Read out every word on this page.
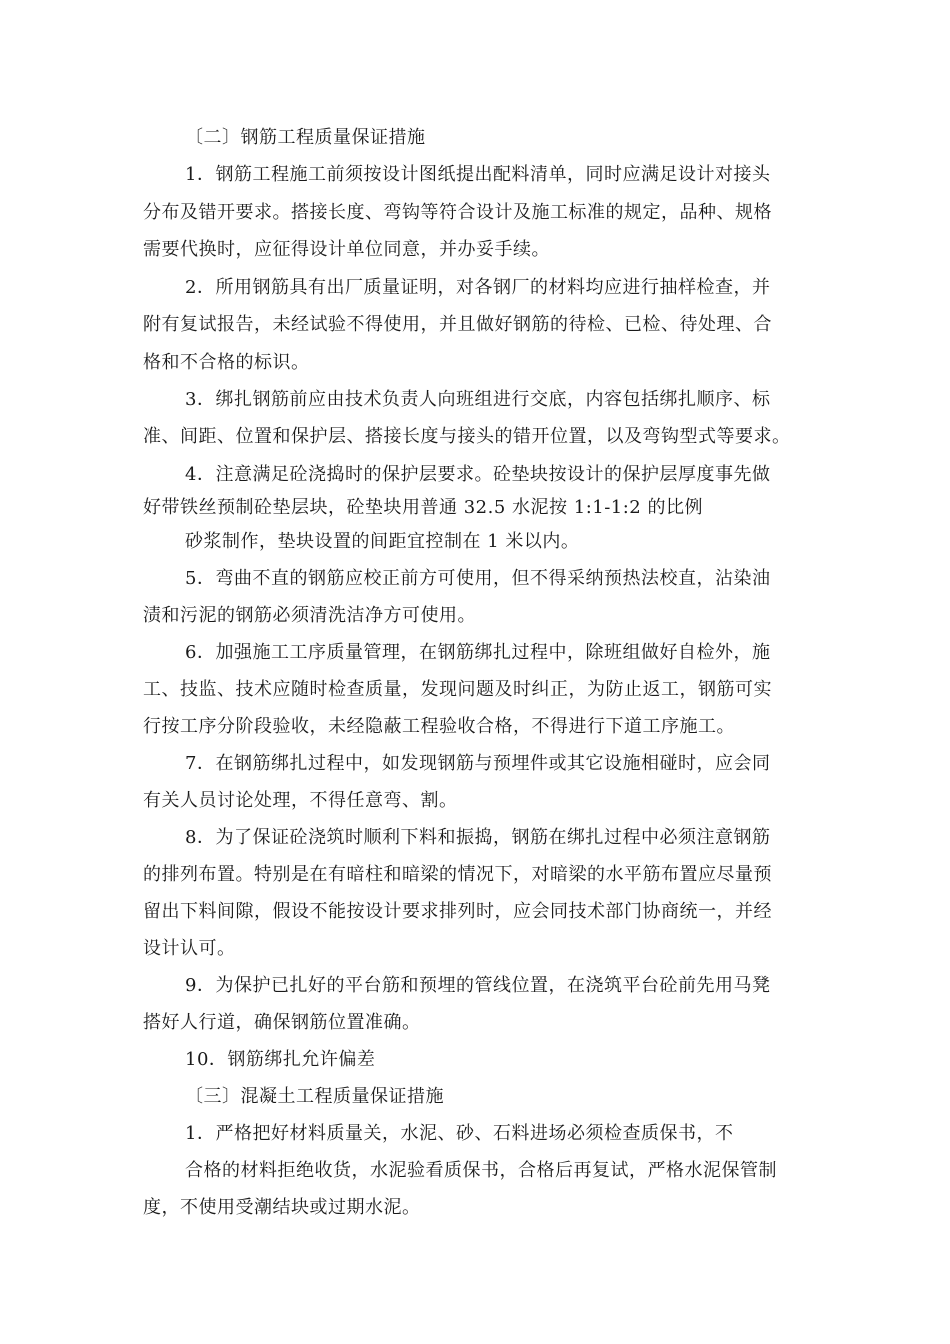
〔二〕钢筋工程质量保证措施
1．钢筋工程施工前须按设计图纸提出配料清单，同时应满足设计对接头
分布及错开要求。搭接长度、弯钩等符合设计及施工标准的规定，品种、规格
需要代换时，应征得设计单位同意，并办妥手续。
2．所用钢筋具有出厂质量证明，对各钢厂的材料均应进行抽样检查，并
附有复试报告，未经试验不得使用，并且做好钢筋的待检、已检、待处理、合
格和不合格的标识。
3．绑扎钢筋前应由技术负责人向班组进行交底，内容包括绑扎顺序、标
准、间距、位置和保护层、搭接长度与接头的错开位置，以及弯钩型式等要求。
4．注意满足砼浇捣时的保护层要求。砼垫块按设计的保护层厚度事先做
好带铁丝预制砼垫层块，砼垫块用普通 32.5 水泥按 1:1-1:2 的比例
砂浆制作，垫块设置的间距宜控制在 1 米以内。
5．弯曲不直的钢筋应校正前方可使用，但不得采纳预热法校直，沾染油
渍和污泥的钢筋必须清洗洁净方可使用。
6．加强施工工序质量管理，在钢筋绑扎过程中，除班组做好自检外，施
工、技监、技术应随时检查质量，发现问题及时纠正，为防止返工，钢筋可实
行按工序分阶段验收，未经隐蔽工程验收合格，不得进行下道工序施工。
7．在钢筋绑扎过程中，如发现钢筋与预埋件或其它设施相碰时，应会同
有关人员讨论处理，不得任意弯、割。
8．为了保证砼浇筑时顺利下料和振捣，钢筋在绑扎过程中必须注意钢筋
的排列布置。特别是在有暗柱和暗梁的情况下，对暗梁的水平筋布置应尽量预
留出下料间隙，假设不能按设计要求排列时，应会同技术部门协商统一，并经
设计认可。
9．为保护已扎好的平台筋和预埋的管线位置，在浇筑平台砼前先用马凳
搭好人行道，确保钢筋位置准确。
10．钢筋绑扎允许偏差
〔三〕混凝土工程质量保证措施
1．严格把好材料质量关，水泥、砂、石料进场必须检查质保书，不
合格的材料拒绝收货，水泥验看质保书，合格后再复试，严格水泥保管制
度，不使用受潮结块或过期水泥。
